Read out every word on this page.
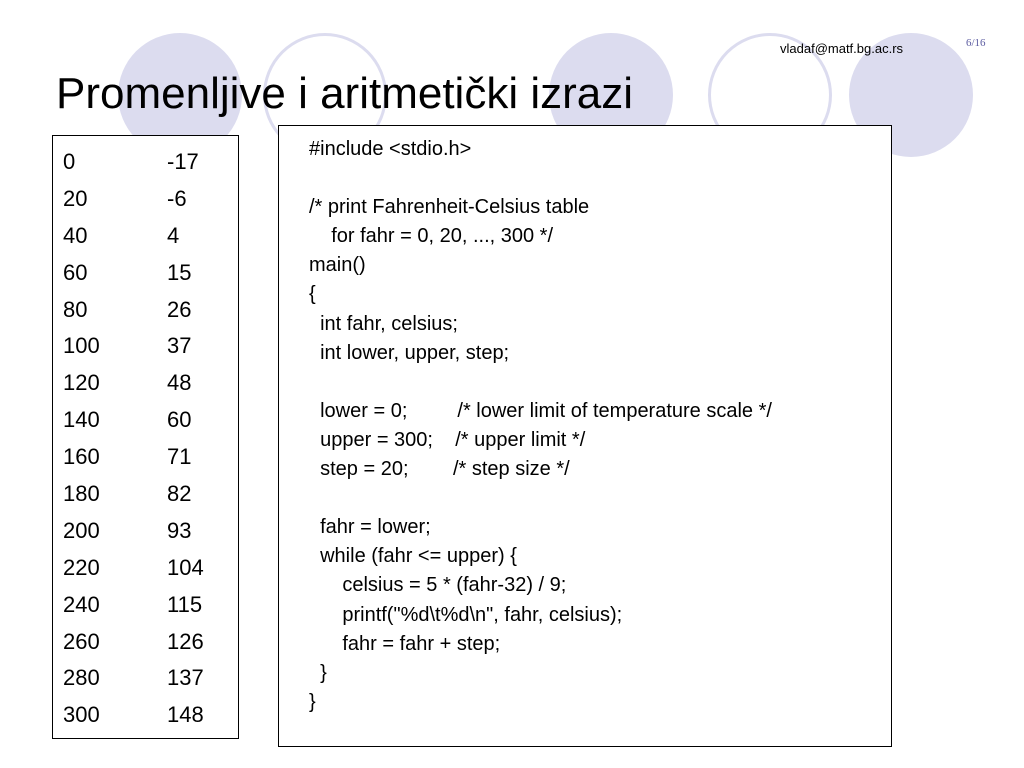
Promenljive i aritmetički izrazi
vladaf@matf.bg.ac.rs	6/16
0	-17
20	-6
40	4
60	15
80	26
100	37
120	48
140	60
160	71
180	82
200	93
220	104
240	115
260	126
280	137
300	148
#include <stdio.h>

/* print Fahrenheit-Celsius table
for fahr = 0, 20, ..., 300 */
main()
{
int fahr, celsius;
int lower, upper, step;

lower = 0;         /* lower limit of temperature scale */
upper = 300;    /* upper limit */
step = 20;        /* step size */

fahr = lower;
while (fahr <= upper) {
celsius = 5 * (fahr-32) / 9;
printf("%d\t%d\n", fahr, celsius);
fahr = fahr + step;
}
}
